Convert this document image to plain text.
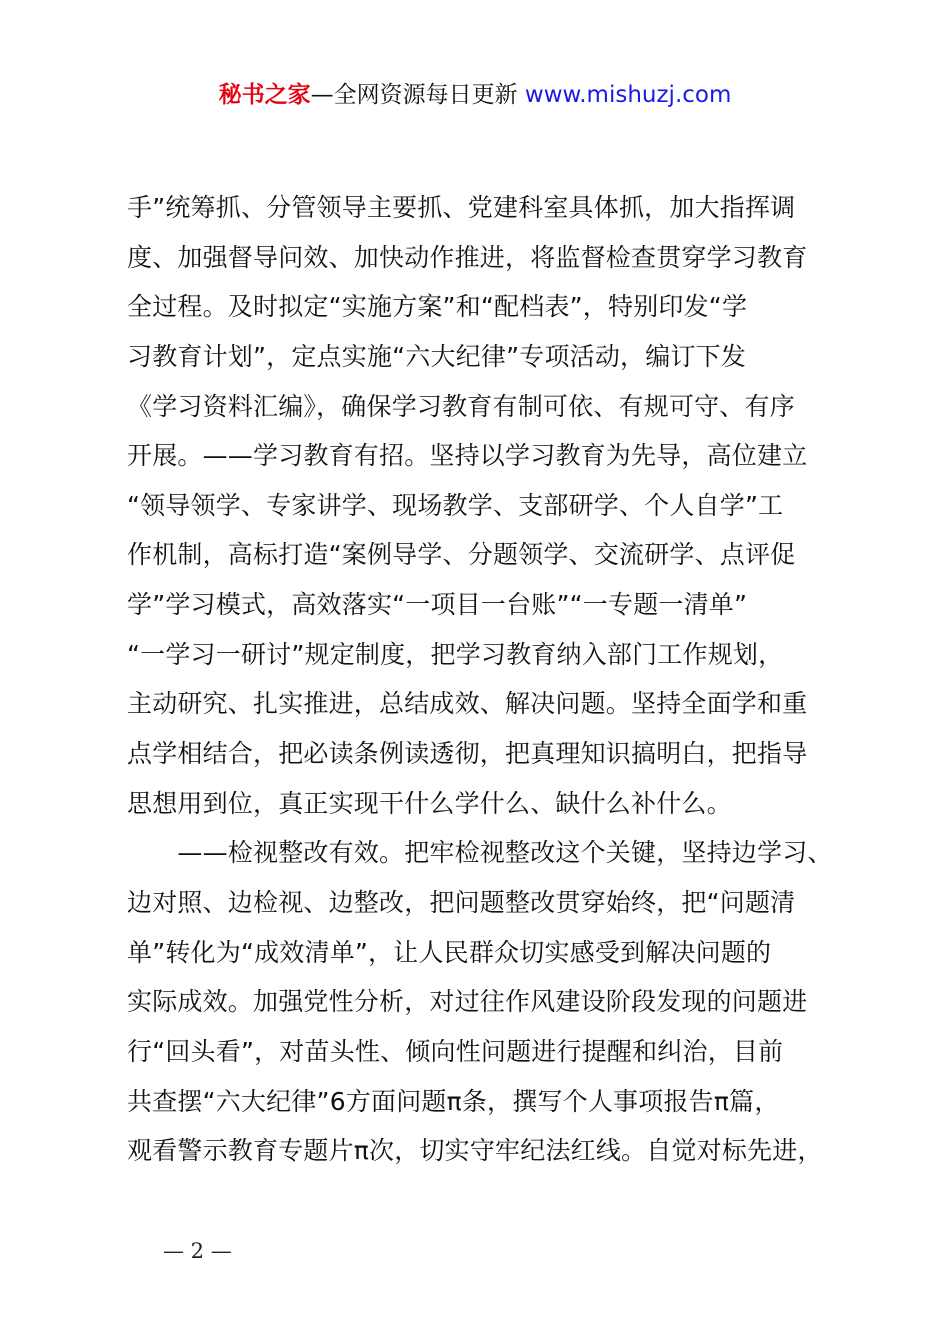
秘书之家—全网资源每日更新 www.mishuzj.com
手”统筹抓、分管领导主要抓、党建科室具体抓，加大指挥调
度、加强督导问效、加快动作推进，将监督检查贯穿学习教育
全过程。及时拟定“实施方案”和“配档表”，特别印发“学
习教育计划”，定点实施“六大纪律”专项活动，编订下发
《学习资料汇编》，确保学习教育有制可依、有规可守、有序
开展。——学习教育有招。坚持以学习教育为先导，高位建立
“领导领学、专家讲学、现场教学、支部研学、个人自学”工
作机制，高标打造“案例导学、分题领学、交流研学、点评促
学”学习模式，高效落实“一项目一台账”“一专题一清单”
“一学习一研讨”规定制度，把学习教育纳入部门工作规划，
主动研究、扎实推进，总结成效、解决问题。坚持全面学和重
点学相结合，把必读条例读透彻，把真理知识搞明白，把指导
思想用到位，真正实现干什么学什么、缺什么补什么。
　　——检视整改有效。把牢检视整改这个关键，坚持边学习、
边对照、边检视、边整改，把问题整改贯穿始终，把“问题清
单”转化为“成效清单”，让人民群众切实感受到解决问题的
实际成效。加强党性分析，对过往作风建设阶段发现的问题进
行“回头看”，对苗头性、倾向性问题进行提醒和纠治，目前
共查摆“六大纪律”6方面问题π条，撰写个人事项报告π篇，
观看警示教育专题片π次，切实守牢纪法红线。自觉对标先进，
— 2 —
